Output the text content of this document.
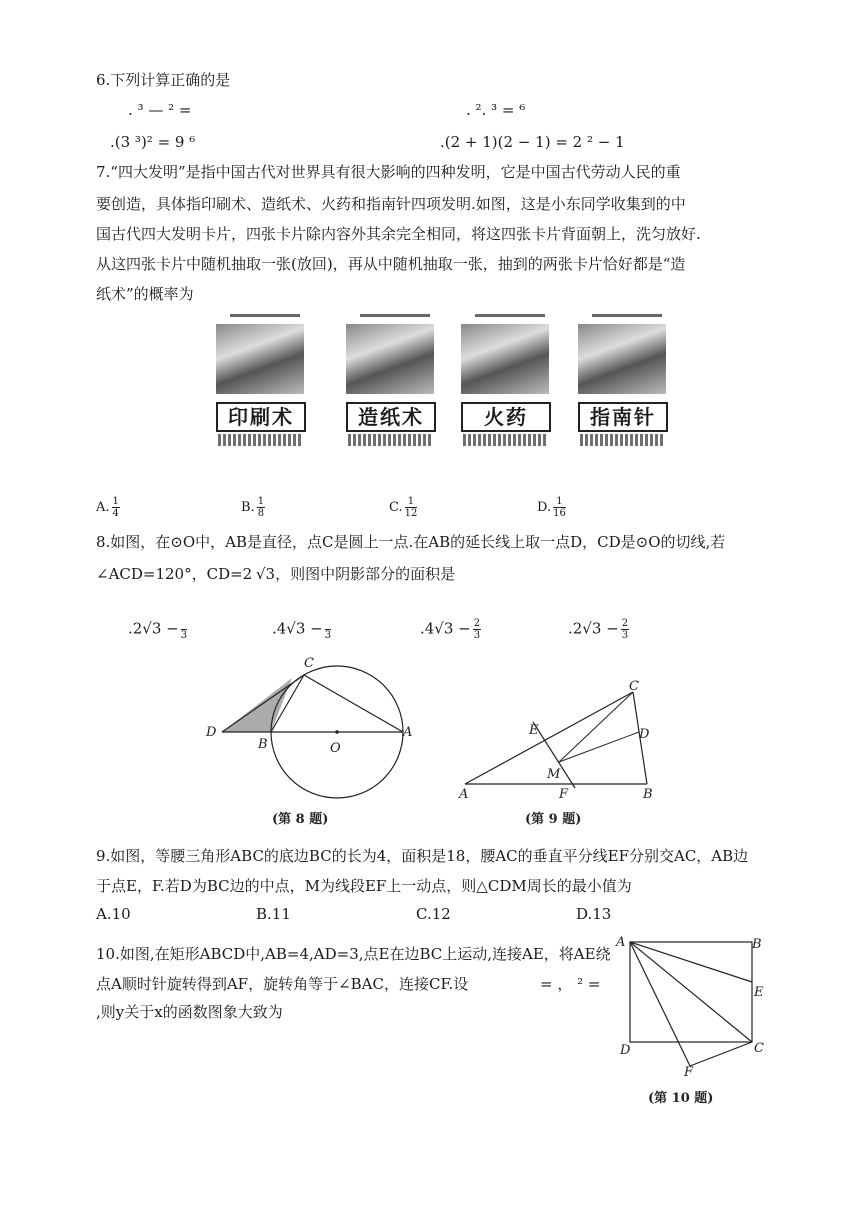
6.下列计算正确的是
. ³ — ² =	. ². ³ = ⁶
.(3 ³)² = 9 ⁶	.(2 + 1)(2 − 1) = 2 ² − 1
7.“四大发明”是指中国古代对世界具有很大影响的四种发明，它是中国古代劳动人民的重
要创造，具体指印刷术、造纸术、火药和指南针四项发明.如图，这是小东同学收集到的中
国古代四大发明卡片，四张卡片除内容外其余完全相同，将这四张卡片背面朝上，洗匀放好.
从这四张卡片中随机抽取一张(放回)，再从中随机抽取一张，抽到的两张卡片恰好都是“造
纸术”的概率为
印刷术	造纸术	火药	指南针
A. $\frac{1}{4}$	B. $\frac{1}{8}$	C. $\frac{1}{12}$	D. $\frac{1}{16}$
8.如图，在⊙O中，AB是直径，点C是圆上一点.在AB的延长线上取一点D，CD是⊙O的切线,若
∠ACD=120°，CD=2 √3，则图中阴影部分的面积是
.2√3 −
3	.4√3 −
3	$.4√3 - \frac{2}{3}$	$.2√3 - \frac{2}{3}$
C
D
B	O
A
(第 8 题)
C
E	D
M
A	F	B
(第 9 题)
9.如图，等腰三角形ABC的底边BC的长为4，面积是18，腰AC的垂直平分线EF分别交AC，AB边
于点E，F.若D为BC边的中点，M为线段EF上一动点，则△CDM周长的最小值为
A.10	B.11	C.12	D.13
10.如图,在矩形ABCD中,AB=4,AD=3,点E在边BC上运动,连接AE，将AE绕
点A顺时针旋转得到AF，旋转角等于∠BAC，连接CF.设	= ， ² =
,则y关于x的函数图象大致为
A	B
E
D	C
F
(第 10 题)
